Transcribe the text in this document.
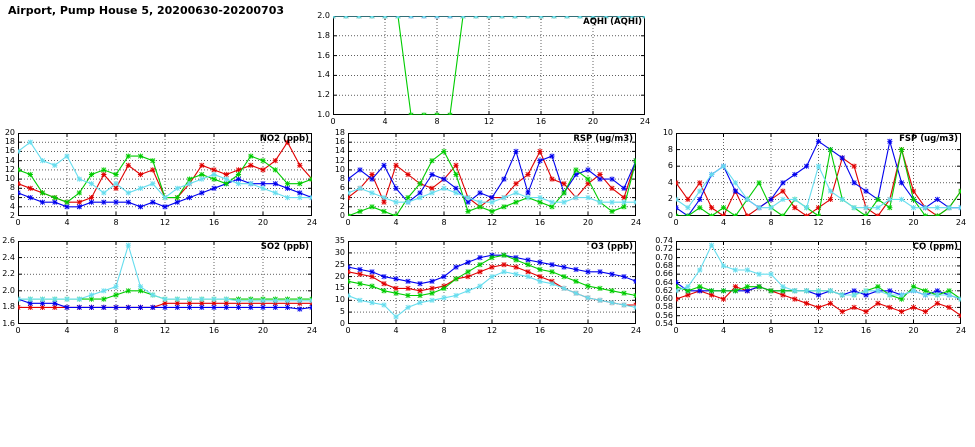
Airport, Pump House 5, 20200630-20200703
AQHI (AQHI)
0	4	8	12	16	20	24
1.0
1.2
1.4
1.6
1.8
2.0
NO2 (ppb)
0	4	8	12	16	20	24
2
4
6
8
10
12
14
16
18
20
RSP (ug/m3)
0	4	8	12	16	20	24
0
2
4
6
8
10
12
14
16
18
FSP (ug/m3)
0	4	8	12	16	20	24
0
2
4
6
8
10
SO2 (ppb)
0	4	8	12	16	20	24
1.6
1.8
2.0
2.2
2.4
2.6
O3 (ppb)
0	4	8	12	16	20	24
0
5
10
15
20
25
30
35
CO (ppm)
0	4	8	12	16	20	24
0.54
0.56
0.58
0.60
0.62
0.64
0.66
0.68
0.70
0.72
0.74
